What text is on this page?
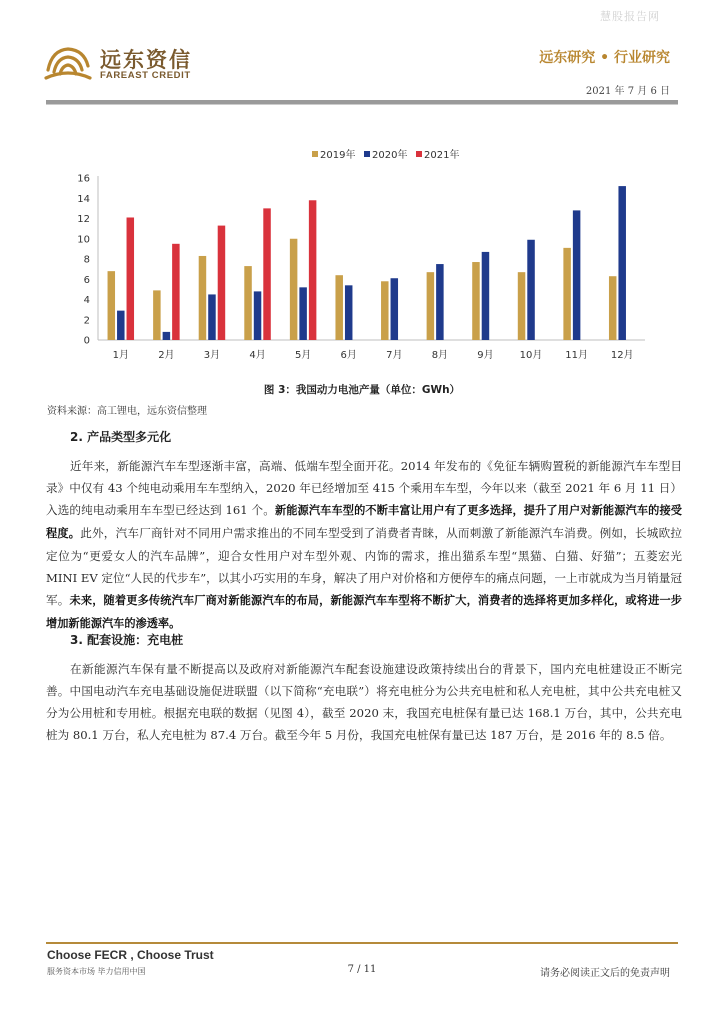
慧股报告网
远东资信
FAREAST CREDIT
远东研究 • 行业研究
2021 年 7 月 6 日
2019年 2020年 2021年
0
2
4
6
8
10
12
14
16
1月	2月	3月	4月	5月	6月	7月	8月	9月	10月 11月 12月
图 3：我国动力电池产量（单位：GWh）
资料来源：高工锂电，远东资信整理
2. 产品类型多元化
近年来，新能源汽车车型逐渐丰富，高端、低端车型全面开花。2014 年发布的《免征车辆购置税的新能源汽车车型目录》中仅有 43 个纯电动乘用车车型纳入，2020 年已经增加至 415 个乘用车车型，今年以来（截至 2021 年 6 月 11 日）入选的纯电动乘用车车型已经达到 161 个。新能源汽车车型的不断丰富让用户有了更多选择，提升了用户对新能源汽车的接受程度。此外，汽车厂商针对不同用户需求推出的不同车型受到了消费者青睐，从而刺激了新能源汽车消费。例如，长城欧拉定位为“更爱女人的汽车品牌”，迎合女性用户对车型外观、内饰的需求，推出猫系车型“黑猫、白猫、好猫”；五菱宏光 MINI EV 定位“人民的代步车”，以其小巧实用的车身，解决了用户对价格和方便停车的痛点问题，一上市就成为当月销量冠军。未来，随着更多传统汽车厂商对新能源汽车的布局，新能源汽车车型将不断扩大，消费者的选择将更加多样化，或将进一步增加新能源汽车的渗透率。
3. 配套设施：充电桩
在新能源汽车保有量不断提高以及政府对新能源汽车配套设施建设政策持续出台的背景下，国内充电桩建设正不断完善。中国电动汽车充电基础设施促进联盟（以下简称“充电联”）将充电桩分为公共充电桩和私人充电桩，其中公共充电桩又分为公用桩和专用桩。根据充电联的数据（见图 4），截至 2020 末，我国充电桩保有量已达 168.1 万台，其中，公共充电桩为 80.1 万台，私人充电桩为 87.4 万台。截至今年 5 月份，我国充电桩保有量已达 187 万台，是 2016 年的 8.5 倍。
Choose FECR , Choose Trust
服务资本市场 毕力信用中国	7 / 11	请务必阅读正文后的免责声明
